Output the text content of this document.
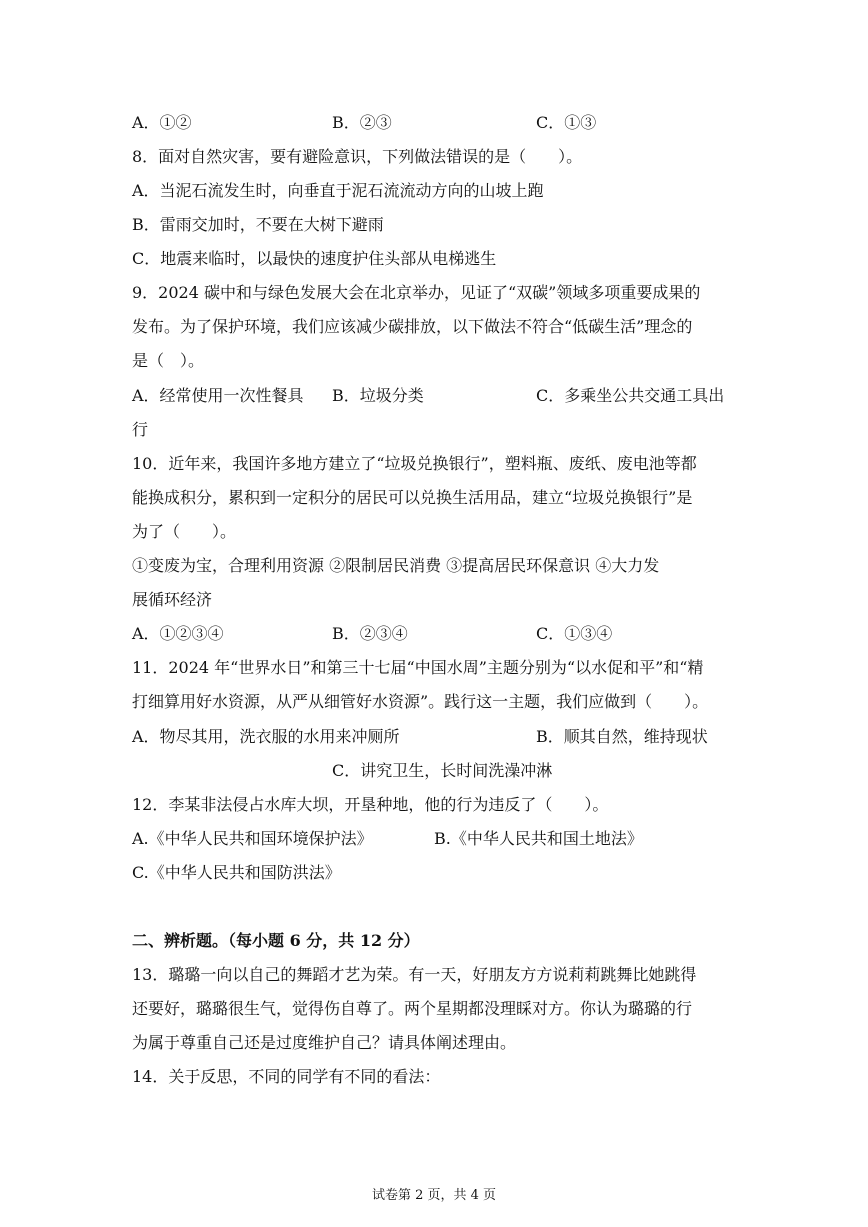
A．①②	B．②③	C．①③
8．面对自然灾害，要有避险意识，下列做法错误的是（　　）。
A．当泥石流发生时，向垂直于泥石流流动方向的山坡上跑
B．雷雨交加时，不要在大树下避雨
C．地震来临时，以最快的速度护住头部从电梯逃生
9．2024 碳中和与绿色发展大会在北京举办，见证了“双碳”领域多项重要成果的
发布。为了保护环境，我们应该减少碳排放，以下做法不符合“低碳生活”理念的
是（　）。
A．经常使用一次性餐具 B．垃圾分类	C．多乘坐公共交通工具出
行
10．近年来，我国许多地方建立了“垃圾兑换银行”，塑料瓶、废纸、废电池等都
能换成积分，累积到一定积分的居民可以兑换生活用品，建立“垃圾兑换银行”是
为了（　　）。
①变废为宝，合理利用资源 ②限制居民消费 ③提高居民环保意识 ④大力发
展循环经济
A．①②③④	B．②③④	C．①③④
11．2024 年“世界水日”和第三十七届“中国水周”主题分别为“以水促和平”和“精
打细算用好水资源，从严从细管好水资源”。践行这一主题，我们应做到（　　）。
A．物尽其用，洗衣服的水用来冲厕所	B．顺其自然，维持现状
C．讲究卫生，长时间洗澡冲淋
12．李某非法侵占水库大坝，开垦种地，他的行为违反了（　　）。
A.《中华人民共和国环境保护法》	B.《中华人民共和国土地法》
C.《中华人民共和国防洪法》
二、辨析题。（每小题 6 分，共 12 分）
13．璐璐一向以自己的舞蹈才艺为荣。有一天，好朋友方方说莉莉跳舞比她跳得
还要好，璐璐很生气，觉得伤自尊了。两个星期都没理睬对方。你认为璐璐的行
为属于尊重自己还是过度维护自己？请具体阐述理由。
14．关于反思，不同的同学有不同的看法：
试卷第 2 页，共 4 页
